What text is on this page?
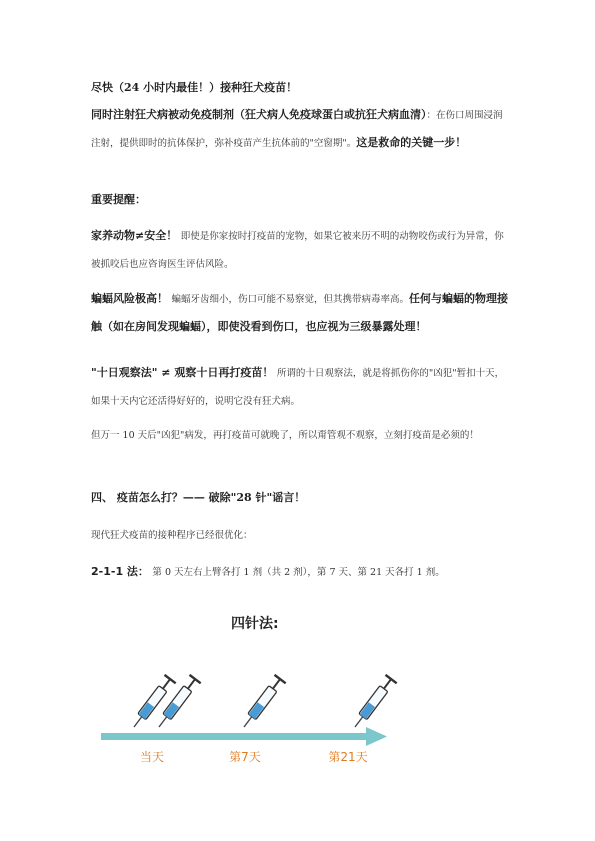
尽快（24 小时内最佳！）接种狂犬疫苗！

同时注射狂犬病被动免疫制剂（狂犬病人免疫球蛋白或抗狂犬病血清）：在伤口周围浸润注射，提供即时的抗体保护，弥补疫苗产生抗体前的"空窗期"。这是救命的关键一步！

重要提醒：

家养动物≠安全！ 即使是你家按时打疫苗的宠物，如果它被来历不明的动物咬伤或行为异常，你被抓咬后也应咨询医生评估风险。

蝙蝠风险极高！ 蝙蝠牙齿细小，伤口可能不易察觉，但其携带病毒率高。任何与蝙蝠的物理接触（如在房间发现蝙蝠），即使没看到伤口，也应视为三级暴露处理！

"十日观察法" ≠ 观察十日再打疫苗！ 所谓的十日观察法，就是将抓伤你的"凶犯"暂扣十天，如果十天内它还活得好好的，说明它没有狂犬病。

但万一 10 天后"凶犯"病发，再打疫苗可就晚了，所以甭管观不观察，立刻打疫苗是必须的！

四、 疫苗怎么打？—— 破除"28 针"谣言！

现代狂犬疫苗的接种程序已经很优化：

2-1-1 法： 第 0 天左右上臂各打 1 剂（共 2 剂），第 7 天、第 21 天各打 1 剂。

四针法:
当天	第7天	第21天
